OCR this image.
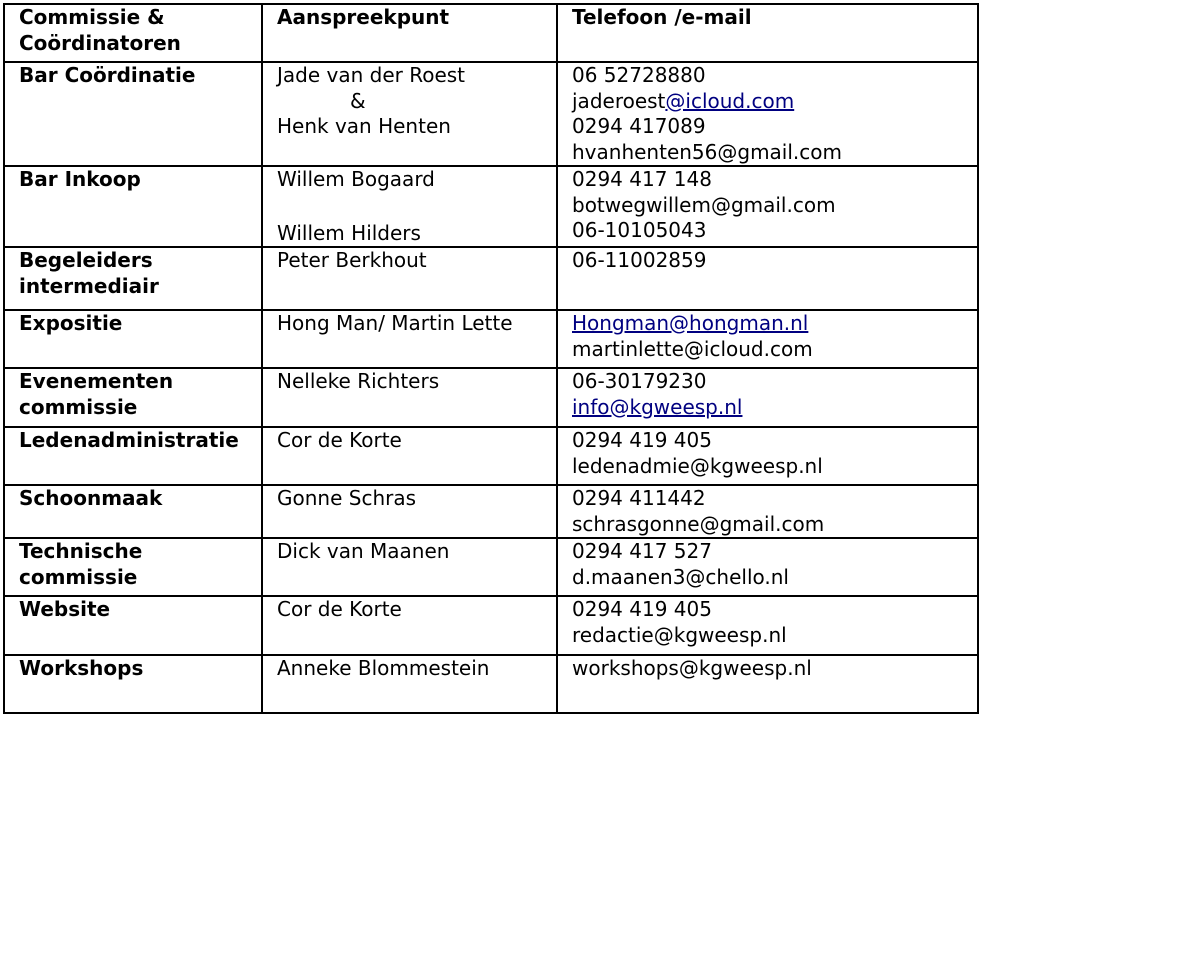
Commissie &
Coördinatoren	Aanspreekpunt	Telefoon /e-mail

Bar Coördinatie	Jade van der Roest
&
Henk van Henten	06 52728880
jaderoest@icloud.com
0294 417089
hvanhenten56@gmail.com

Bar Inkoop	Willem Bogaard
Willem Hilders	0294 417 148
botwegwillem@gmail.com
06-10105043

Begeleiders
intermediair	Peter Berkhout	06-11002859

Expositie	Hong Man/ Martin Lette	Hongman@hongman.nl
martinlette@icloud.com

Evenementen
commissie	Nelleke Richters	06-30179230
info@kgweesp.nl

Ledenadministratie	Cor de Korte	0294 419 405
ledenadmie@kgweesp.nl

Schoonmaak	Gonne Schras	0294 411442
schrasgonne@gmail.com

Technische
commissie	Dick van Maanen	0294 417 527
d.maanen3@chello.nl

Website	Cor de Korte	0294 419 405
redactie@kgweesp.nl

Workshops	Anneke Blommestein	workshops@kgweesp.nl
